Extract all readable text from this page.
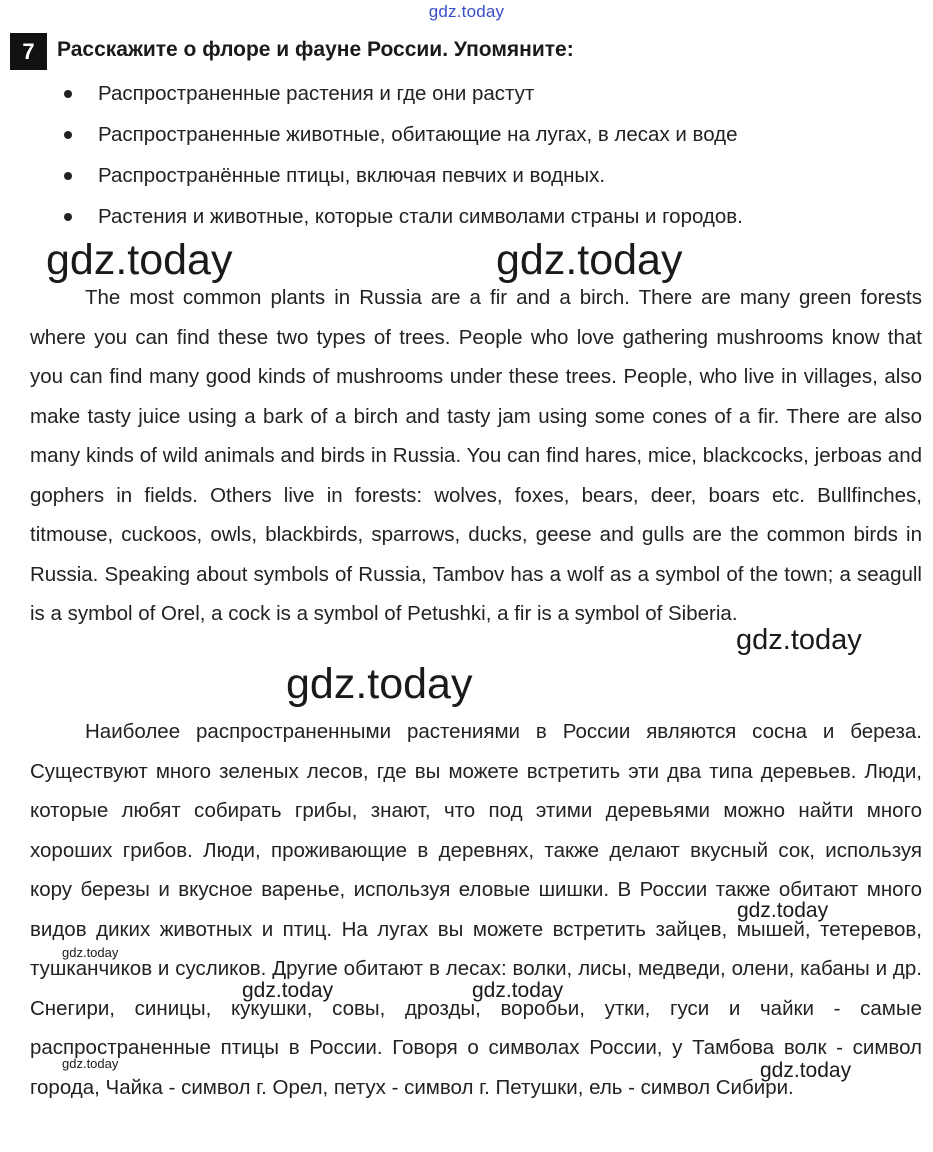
gdz.today
7	Расскажите о флоре и фауне России. Упомяните:
Распространенные растения и где они растут
Распространенные животные, обитающие на лугах, в лесах и воде
Распространённые птицы, включая певчих и водных.
Растения и животные, которые стали символами страны и городов.
gdz.today	gdz.today

The most common plants in Russia are a fir and a birch. There are many green forests where you can find these two types of trees. People who love gathering mushrooms know that you can find many good kinds of mushrooms under these trees. People, who live in villages, also make tasty juice using a bark of a birch and tasty jam using some cones of a fir. There are also many kinds of wild animals and birds in Russia. You can find hares, mice, blackcocks, jerboas and gophers in fields. Others live in forests: wolves, foxes, bears, deer, boars etc. Bullfinches, titmouse, cuckoos, owls, blackbirds, sparrows, ducks, geese and gulls are the common birds in Russia. Speaking about symbols of Russia, Tambov has a wolf as a symbol of the town; a seagull is a symbol of Orel, a cock is a symbol of Petushki, a fir is a symbol of Siberia.

gdz.today
gdz.today

Наиболее распространенными растениями в России являются сосна и береза. Существуют много зеленых лесов, где вы можете встретить эти два типа деревьев. Люди, которые любят собирать грибы, знают, что под этими деревьями можно найти много хороших грибов. Люди, проживающие в деревнях, также делают вкусный сок, используя кору березы и вкусное варенье, используя еловые шишки. В России также обитают много видов диких животных и птиц. На лугах вы можете встретить зайцев, мышей, тетеревов, тушканчиков и сусликов. Другие обитают в лесах: волки, лисы, медведи, олени, кабаны и др. Снегири, синицы, кукушки, совы, дрозды, воробьи, утки, гуси и чайки - самые распространенные птицы в России. Говоря о символах России, у Тамбова волк - символ города, Чайка - символ г. Орел, петух - символ г. Петушки, ель - символ Сибири.

gdz.today
gdz.today
gdz.today	gdz.today
gdz.today	gdz.today
